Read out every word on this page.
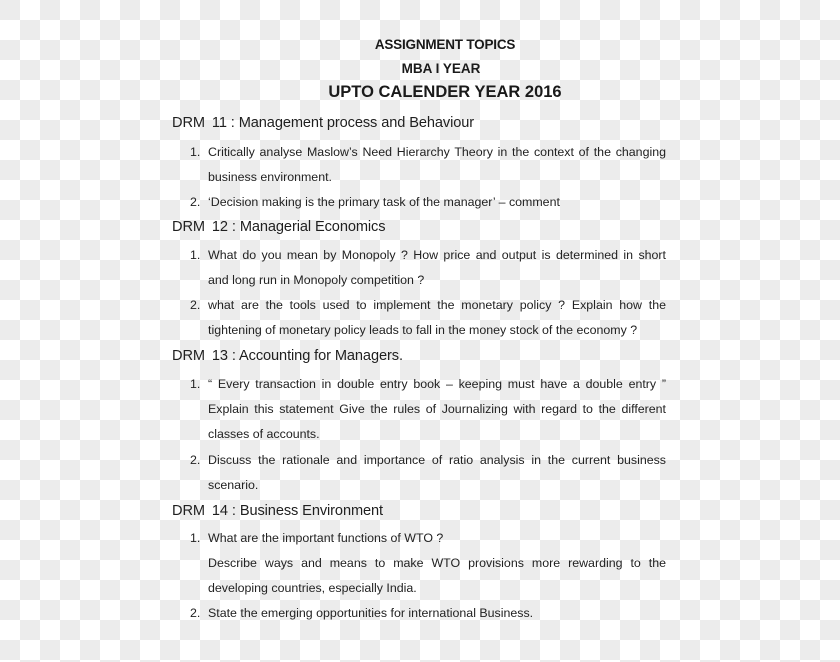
ASSIGNMENT TOPICS
MBA I YEAR
UPTO CALENDER YEAR 2016
DRM 11 : Management process and Behaviour
1. Critically analyse Maslow’s Need Hierarchy Theory in the context of the changing
business environment.
2. ‘Decision making is the primary task of the manager’ – comment
DRM 12 : Managerial Economics
1. What do you mean by Monopoly ? How price and output is determined in short
and long run in Monopoly competition ?
2. what are the tools used to implement the monetary policy ? Explain how the
tightening of monetary policy leads to fall in the money stock of the economy ?
DRM 13 : Accounting for Managers.
1. “ Every transaction in double entry book – keeping must have a double entry ”
Explain this statement Give the rules of Journalizing with regard to the different
classes of accounts.
2. Discuss the rationale and importance of ratio analysis in the current business
scenario.
DRM 14 : Business Environment
1. What are the important functions of WTO ?
Describe ways and means to make WTO provisions more rewarding to the
developing countries, especially India.
2. State the emerging opportunities for international Business.
